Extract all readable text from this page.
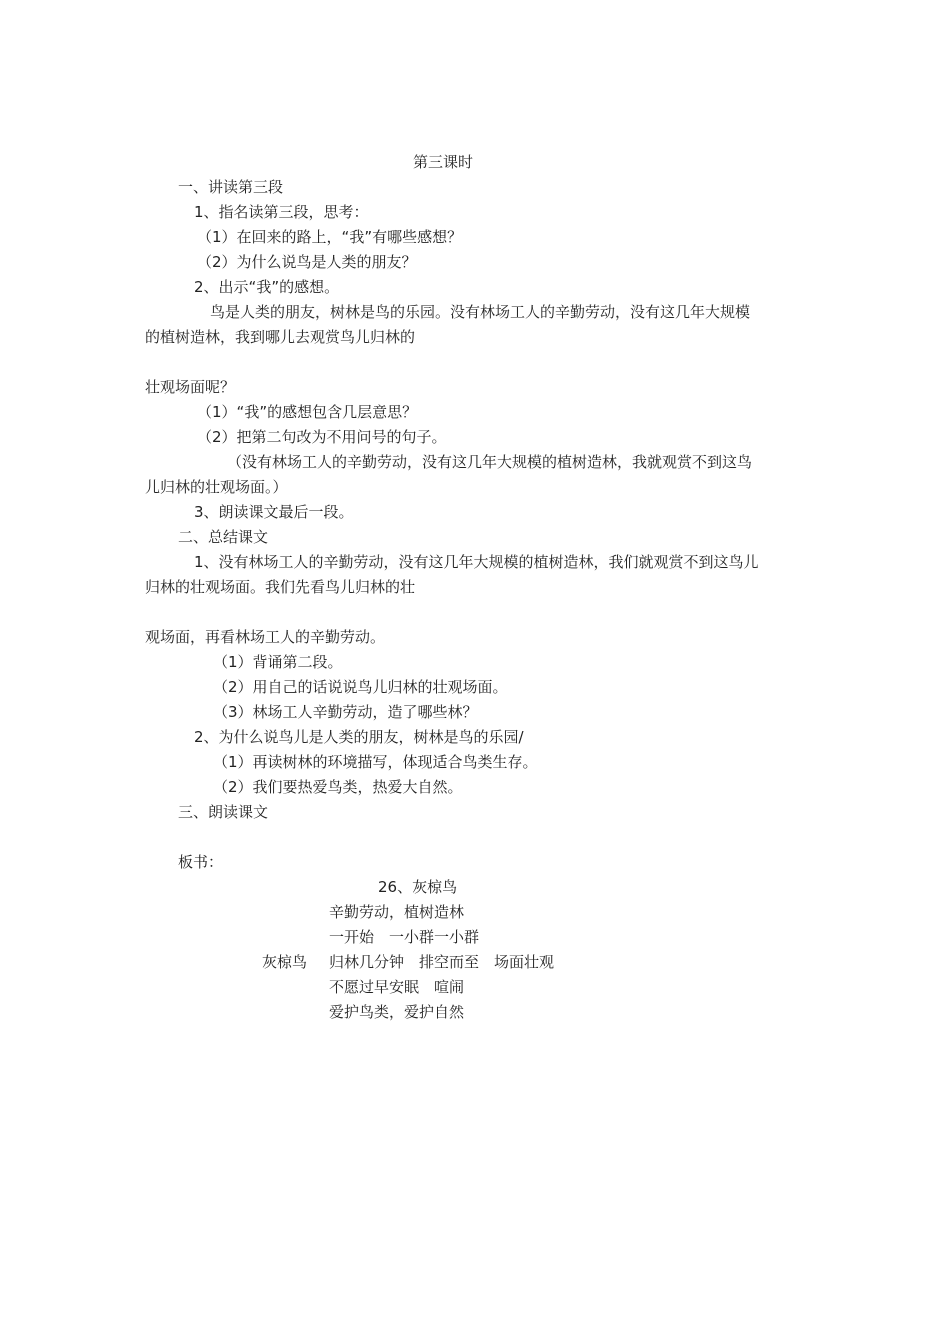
第三课时
一、讲读第三段
1、指名读第三段，思考：
（1）在回来的路上，“我”有哪些感想？
（2）为什么说鸟是人类的朋友？
2、出示“我”的感想。
鸟是人类的朋友，树林是鸟的乐园。没有林场工人的辛勤劳动，没有这几年大规模
的植树造林，我到哪儿去观赏鸟儿归林的
壮观场面呢？
（1）“我”的感想包含几层意思？
（2）把第二句改为不用问号的句子。
（没有林场工人的辛勤劳动，没有这几年大规模的植树造林，我就观赏不到这鸟
儿归林的壮观场面。）
3、朗读课文最后一段。
二、总结课文
1、没有林场工人的辛勤劳动，没有这几年大规模的植树造林，我们就观赏不到这鸟儿
归林的壮观场面。我们先看鸟儿归林的壮
观场面，再看林场工人的辛勤劳动。
（1）背诵第二段。
（2）用自己的话说说鸟儿归林的壮观场面。
（3）林场工人辛勤劳动，造了哪些林？
2、为什么说鸟儿是人类的朋友，树林是鸟的乐园/
（1）再读树林的环境描写，体现适合鸟类生存。
（2）我们要热爱鸟类，热爱大自然。
三、朗读课文
板书：
26、灰椋鸟
辛勤劳动，植树造林
一开始　一小群一小群
灰椋鸟 归林几分钟　排空而至　场面壮观
不愿过早安眠　喧闹
爱护鸟类，爱护自然
